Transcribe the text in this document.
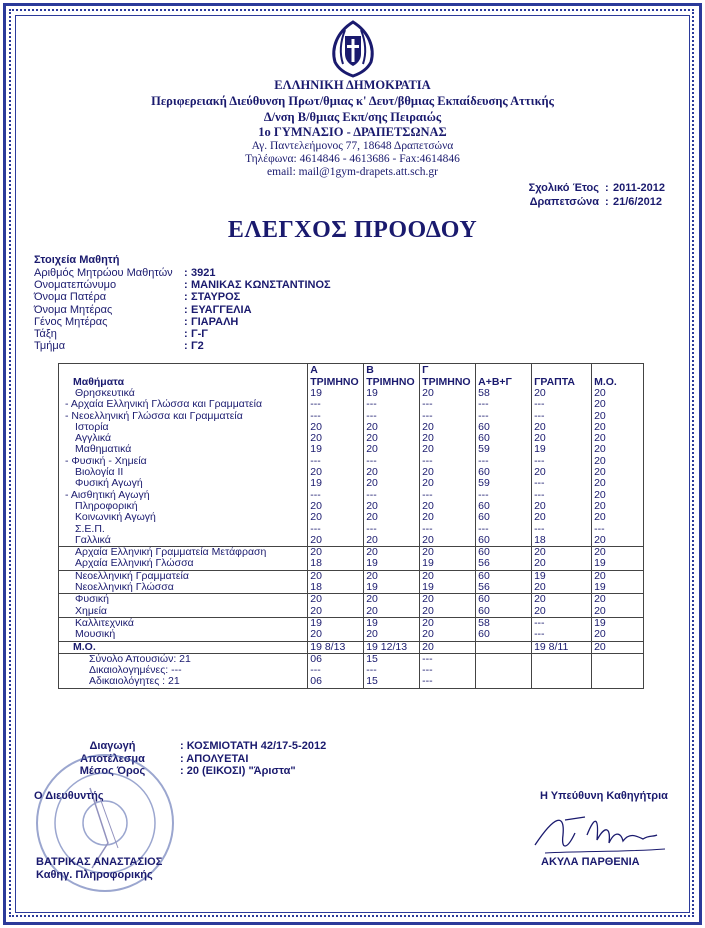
ΕΛΛΗΝΙΚΗ ΔΗΜΟΚΡΑΤΙΑ
Περιφερειακή Διεύθυνση Πρωτ/θμιας κ' Δευτ/βθμιας Εκπαίδευσης Αττικής
Δ/νση Β/θμιας Εκπ/σης Πειραιώς
1ο ΓΥΜΝΑΣΙΟ - ΔΡΑΠΕΤΣΩΝΑΣ
Αγ. Παντελεήμονος 77, 18648 Δραπετσώνα
Τηλέφωνα: 4614846 - 4613686 - Fax:4614846
email: mail@1gym-drapets.att.sch.gr
Σχολικό Έτος : 2011-2012
Δραπετσώνα : 21/6/2012
ΕΛΕΓΧΟΣ ΠΡΟΟΔΟΥ
Στοιχεία Μαθητή
Αριθμός Μητρώου Μαθητών : 3921
Ονοματεπώνυμο	: ΜΑΝΙΚΑΣ ΚΩΝΣΤΑΝΤΙΝΟΣ
Όνομα Πατέρα	: ΣΤΑΥΡΟΣ
Όνομα Μητέρας	: ΕΥΑΓΓΕΛΙΑ
Γένος Μητέρας	: ΓΙΑΡΑΛΗ
Τάξη	: Γ-Γ
Τμήμα	: Γ2
	Α	Β	Γ			
Μαθήματα	ΤΡΙΜΗΝΟ	ΤΡΙΜΗΝΟ	ΤΡΙΜΗΝΟ	Α+Β+Γ	ΓΡΑΠΤΑ	Μ.Ο.
Θρησκευτικά	19	19	20	58	20	20
- Αρχαία Ελληνική Γλώσσα και Γραμματεία	---	---	---	---	---	20
- Νεοελληνική Γλώσσα και Γραμματεία	---	---	---	---	---	20
Ιστορία	20	20	20	60	20	20
Αγγλικά	20	20	20	60	20	20
Μαθηματικά	19	20	20	59	19	20
- Φυσική - Χημεία	---	---	---	---	---	20
Βιολογία ΙΙ	20	20	20	60	20	20
Φυσική Αγωγή	19	20	20	59	---	20
- Αισθητική Αγωγή	---	---	---	---	---	20
Πληροφορική	20	20	20	60	20	20
Κοινωνική Αγωγή	20	20	20	60	20	20
Σ.Ε.Π.	---	---	---	---	---	---
Γαλλικά	20	20	20	60	18	20
Αρχαία Ελληνική Γραμματεία Μετάφραση	20	20	20	60	20	20
Αρχαία Ελληνική Γλώσσα	18	19	19	56	20	19
Νεοελληνική Γραμματεία	20	20	20	60	19	20
Νεοελληνική Γλώσσα	18	19	19	56	20	19
Φυσική	20	20	20	60	20	20
Χημεία	20	20	20	60	20	20
Καλλιτεχνικά	19	19	20	58	---	19
Μουσική	20	20	20	60	---	20
Μ.Ο.	19 8/13	19 12/13	20		19 8/11	20
Σύνολο Απουσιών: 21	06	15	---			
Δικαιολογημένες: ---	---	---	---			
Αδικαιολόγητες : 21	06	15	---			
Διαγωγή	: ΚΟΣΜΙΟΤΑΤΗ 42/17-5-2012
Αποτέλεσμα	: ΑΠΟΛΥΕΤΑΙ
Μέσος Όρος	: 20 (ΕΙΚΟΣΙ) "Άριστα"
Ο Διευθυντής
ΒΑΤΡΙΚΑΣ ΑΝΑΣΤΑΣΙΟΣ
Καθηγ. Πληροφορικής
Η Υπεύθυνη Καθηγήτρια
ΑΚΥΛΑ ΠΑΡΘΕΝΙΑ
